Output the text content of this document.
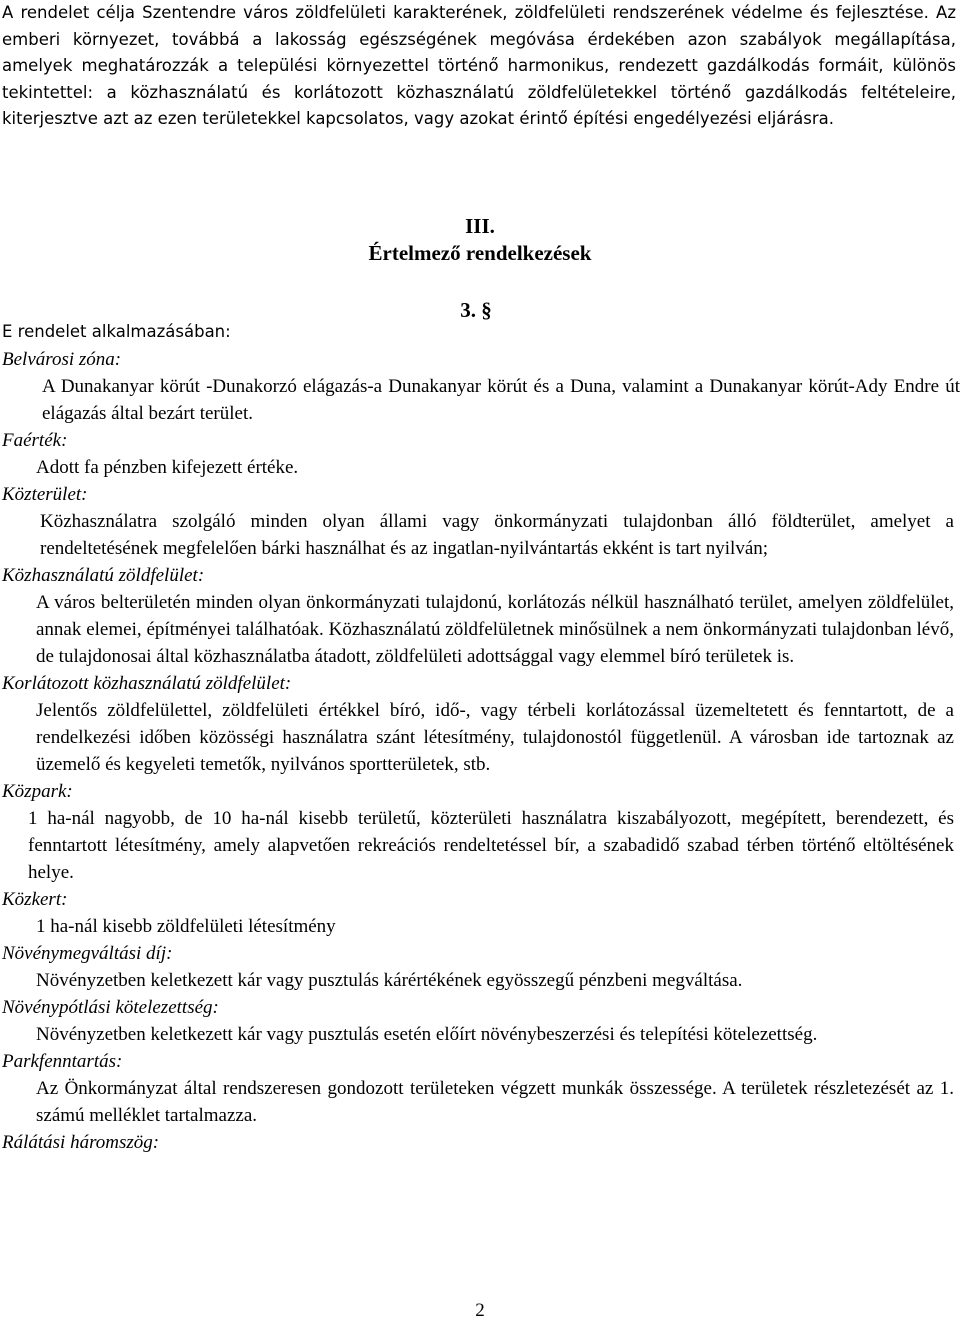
A rendelet célja Szentendre város zöldfelületi karakterének, zöldfelületi rendszerének védelme és fejlesztése. Az emberi környezet, továbbá a lakosság egészségének megóvása érdekében azon szabályok megállapítása, amelyek meghatározzák a települési környezettel történő harmonikus, rendezett gazdálkodás formáit, különös tekintettel: a közhasználatú és korlátozott közhasználatú zöldfelületekkel történő gazdálkodás feltételeire, kiterjesztve azt az ezen területekkel kapcsolatos, vagy azokat érintő építési engedélyezési eljárásra.

III.
Értelmező rendelkezések
3. §
E rendelet alkalmazásában:

Belvárosi zóna:

A Dunakanyar körút -Dunakorzó elágazás-a Dunakanyar körút és a Duna, valamint a Dunakanyar körút-Ady Endre út elágazás által bezárt terület.

Faérték:

Adott fa pénzben kifejezett értéke.

Közterület:

Közhasználatra szolgáló minden olyan állami vagy önkormányzati tulajdonban álló földterület, amelyet a rendeltetésének megfelelően bárki használhat és az ingatlan-nyilvántartás ekként is tart nyilván;

Közhasználatú zöldfelület:

A város belterületén minden olyan önkormányzati tulajdonú, korlátozás nélkül használható terület, amelyen zöldfelület, annak elemei, építményei találhatóak. Közhasználatú zöldfelületnek minősülnek a nem önkormányzati tulajdonban lévő, de tulajdonosai által közhasználatba átadott, zöldfelületi adottsággal vagy elemmel bíró területek is.

Korlátozott közhasználatú zöldfelület:

Jelentős zöldfelülettel, zöldfelületi értékkel bíró, idő-, vagy térbeli korlátozással üzemeltetett és fenntartott, de a rendelkezési időben közösségi használatra szánt létesítmény, tulajdonostól függetlenül. A városban ide tartoznak az üzemelő és kegyeleti temetők, nyilvános sportterületek, stb.

Közpark:

1 ha-nál nagyobb, de 10 ha-nál kisebb területű, közterületi használatra kiszabályozott, megépített, berendezett, és fenntartott létesítmény, amely alapvetően rekreációs rendeltetéssel bír, a szabadidő szabad térben történő eltöltésének helye.

Közkert:

1 ha-nál kisebb zöldfelületi létesítmény

Növénymegváltási díj:

Növényzetben keletkezett kár vagy pusztulás kárértékének egyösszegű pénzbeni megváltása.

Növénypótlási kötelezettség:

Növényzetben keletkezett kár vagy pusztulás esetén előírt növénybeszerzési és telepítési kötelezettség.

Parkfenntartás:

Az Önkormányzat által rendszeresen gondozott területeken végzett munkák összessége. A területek részletezését az 1. számú melléklet tartalmazza.

Rálátási háromszög:

2
